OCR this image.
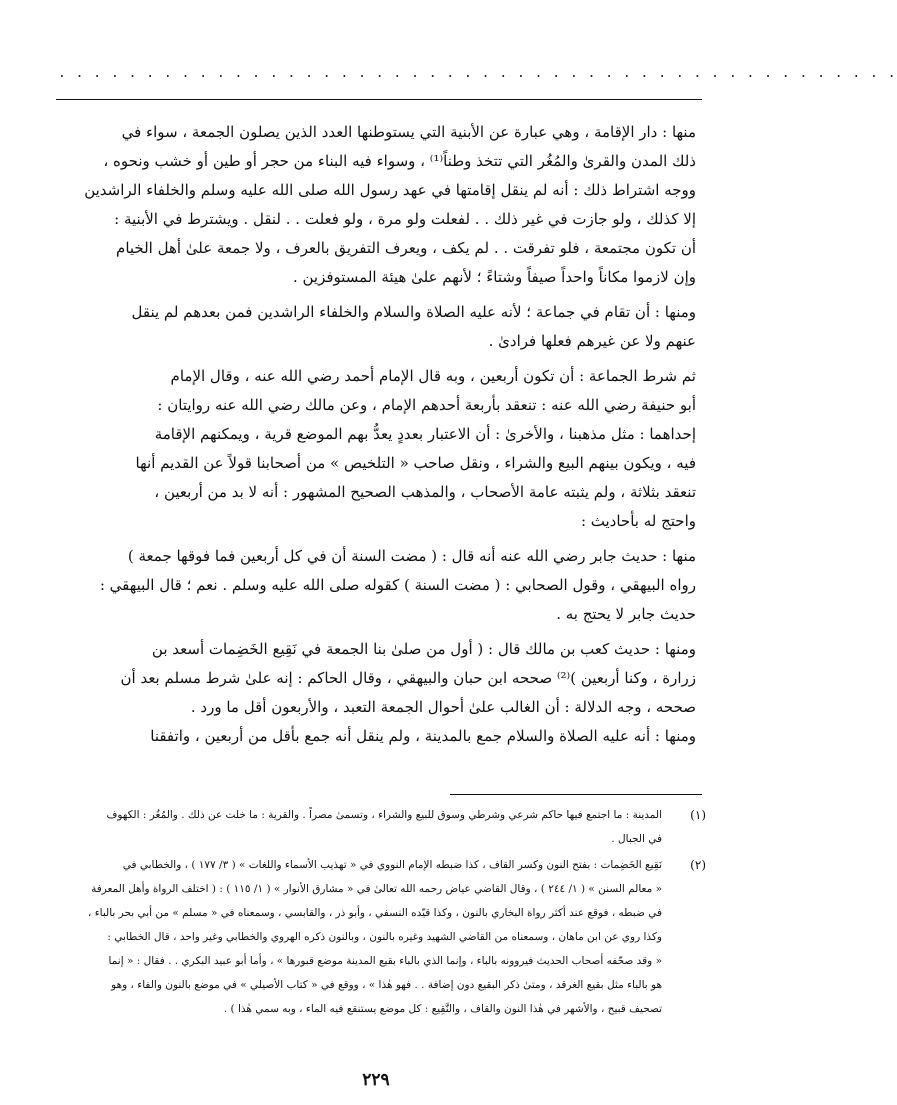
. . . . . . . . . . . . . . . . . . . . . . . . . . . . . . . . . . . . . . . . . . . . . . . .
منها : دار الإقامة ، وهي عبارة عن الأبنية التي يستوطنها العدد الذين يصلون الجمعة ، سواء في
ذلك المدن والقرىٰ والمُغُر التي تتخذ وطناً⁽¹⁾ ، وسواء فيه البناء من حجر أو طين أو خشب ونحوه ،
ووجه اشتراط ذلك : أنه لم ينقل إقامتها في عهد رسول الله صلى الله عليه وسلم والخلفاء الراشدين
إلا كذلك ، ولو جازت في غير ذلك . . لفعلت ولو مرة ، ولو فعلت . . لنقل . ويشترط في الأبنية :
أن تكون مجتمعة ، فلو تفرقت . . لم يكف ، ويعرف التفريق بالعرف ، ولا جمعة علىٰ أهل الخيام
وإن لازموا مكاناً واحداً صيفاً وشتاءً ؛ لأنهم علىٰ هيئة المستوفزين .
ومنها : أن تقام في جماعة ؛ لأنه عليه الصلاة والسلام والخلفاء الراشدين فمن بعدهم لم ينقل
عنهم ولا عن غيرهم فعلها فرادىٰ .
ثم شرط الجماعة : أن تكون أربعين ، وبه قال الإمام أحمد رضي الله عنه ، وقال الإمام
أبو حنيفة رضي الله عنه : تنعقد بأربعة أحدهم الإمام ، وعن مالك رضي الله عنه روايتان :
إحداهما : مثل مذهبنا ، والأخرىٰ : أن الاعتبار بعددٍ يعدُّ بهم الموضع قرية ، ويمكنهم الإقامة
فيه ، ويكون بينهم البيع والشراء ، ونقل صاحب « التلخيص » من أصحابنا قولاً عن القديم أنها
تنعقد بثلاثة ، ولم يثبته عامة الأصحاب ، والمذهب الصحيح المشهور : أنه لا بد من أربعين ،
واحتج له بأحاديث :
منها : حديث جابر رضي الله عنه أنه قال : ( مضت السنة أن في كل أربعين فما فوقها جمعة )
رواه البيهقي ، وقول الصحابي : ( مضت السنة ) كقوله صلى الله عليه وسلم . نعم ؛ قال البيهقي :
حديث جابر لا يحتج به .
ومنها : حديث كعب بن مالك قال : ( أول من صلىٰ بنا الجمعة في نَقِيع الخَضِمات أسعد بن
زرارة ، وكنا أربعين )⁽²⁾ صححه ابن حبان والبيهقي ، وقال الحاكم : إنه علىٰ شرط مسلم بعد أن
صححه ، وجه الدلالة : أن الغالب علىٰ أحوال الجمعة التعبد ، والأربعون أقل ما ورد .
ومنها : أنه عليه الصلاة والسلام جمع بالمدينة ، ولم ينقل أنه جمع بأقل من أربعين ، واتفقنا
(١)
المدينة : ما اجتمع فيها حاكم شرعي وشرطي وسوق للبيع والشراء ، وتسمىٰ مصراً . والقرية : ما خلت عن ذلك . والمُغُر : الكهوف
في الجبال .
(٢)
نَقِيع الخَضِمات : بفتح النون وكسر القاف ، كذا ضبطه الإمام النووي في « تهذيب الأسماء واللغات » ( ٣/ ١٧٧ ) ، والخطابي في
« معالم السنن » ( ١/ ٢٤٤ ) ، وقال القاضي عياض رحمه الله تعالىٰ في « مشارق الأنوار » ( ١/ ١١٥ ) : ( اختلف الرواة وأهل المعرفة
في ضبطه ، فوقع عند أكثر رواة البخاري بالنون ، وكذا قيّده النسفي ، وأبو ذر ، والقابسي ، وسمعناه في « مسلم » من أبي بحر بالباء ،
وكذا روي عن ابن ماهان ، وسمعناه من القاضي الشهيد وغيره بالنون ، وبالنون ذكره الهروي والخطابي وغير واحد ، قال الخطابي :
« وقد صحّفه أصحاب الحديث فيروونه بالباء ، وإنما الذي بالباء بقيع المدينة موضع قبورها » ، وأما أبو عبيد البكري . . فقال : « إنما
هو بالباء مثل بقيع الغرقد ، ومتىٰ ذكر البقيع دون إضافة . . فهو هٰذا » ، ووقع في « كتاب الأصيلي » في موضع بالنون والفاء ، وهو
تصحيف قبيح ، والأشهر في هٰذا النون والقاف ، والنَّقِيع : كل موضع يستنقع فيه الماء ، وبه سمي هٰذا ) .
٢٢٩
